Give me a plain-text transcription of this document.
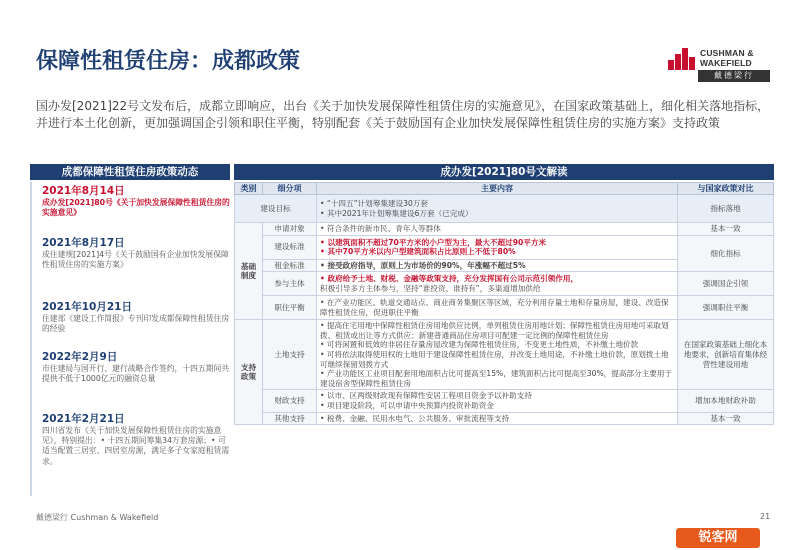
保障性租赁住房：成都政策	CUSHMAN &
WAKEFIELD
戴德梁行
国办发[2021]22号文发布后，成都立即响应，出台《关于加快发展保障性租赁住房的实施意见》，在国家政策基础上，细化相关落地指标，并进行本土化创新，更加强调国企引领和职住平衡，特别配套《关于鼓励国有企业加快发展保障性租赁住房的实施方案》支持政策
成都保障性租赁住房政策动态	成办发[2021]80号文解读
2021年8月14日
成办发[2021]80号《关于加快发展保障性租赁住房的实施意见》
2021年8月17日
成住建规[2021]4号《关于鼓励国有企业加快发展保障性租赁住房的实施方案》
2021年10月21日
住建部《建设工作简报》专刊印发成都保障性租赁住房的经验
2022年2月9日
市住建局与国开行、建行战略合作签约，十四五期间共提供不低于1000亿元的融资总量
2021年2月21日
四川省发布《关于加快发展保障性租赁住房的实施意见》，特别提出：• 十四五期间筹集34万套房源；• 可适当配置三居室、四居室房源，满足多子女家庭租赁需求。
类别	细分项	主要内容	与国家政策对比
建设目标		• “十四五”计划筹集建设30万套
• 其中2021年计划筹集建设6万套（已完成）	指标落地
基础制度	申请对象	• 符合条件的新市民、青年人等群体	基本一致
	建设标准	• 以建筑面积不超过70平方米的小户型为主，最大不超过90平方米
• 其中70平方米以内户型建筑面积占比原则上不低于80%	细化指标
	租金标准	• 接受政府指导，原则上为市场价的90%，年涨幅不超过5%
	参与主体	• 政府给予土地、财税、金融等政策支持，充分发挥国有公司示范引领作用，
积极引导多方主体参与，坚持“谁投资、谁持有”，多渠道增加供给	强调国企引领
	职住平衡	• 在产业功能区、轨道交通站点、商业商务集聚区等区域，充分利用存量土地和存量房屋，建设、改造保障性租赁住房，促进职住平衡	强调职住平衡
支持政策	土地支持	• 提高住宅用地中保障性租赁住房用地供应比例，单列租赁住房用地计划；保障性租赁住房用地可采取划拨、租赁或出让等方式供应；新建普通商品住房项目可配建一定比例的保障性租赁住房
• 可将闲置和低效的非居住存量房屋改建为保障性租赁住房，不变更土地性质，不补缴土地价款
• 可将依法取得使用权的土地用于建设保障性租赁住房，并改变土地用途，不补缴土地价款，原划拨土地可继续保留划拨方式
• 产业功能区工业项目配套用地面积占比可提高至15%，建筑面积占比可提高至30%，提高部分主要用于建设宿舍型保障性租赁住房	在国家政策基础上细化本地要求，创新培育集体经营性建设用地
	财政支持	• 以市、区两级财政现有保障性安居工程项目资金予以补助支持
• 项目建设阶段，可以申请中央预算内投资补助资金	增加本地财政补助
	其他支持	• 税费、金融、民用水电气、公共服务、审批流程等支持	基本一致
戴德梁行 Cushman & Wakefield	21
锐客网
